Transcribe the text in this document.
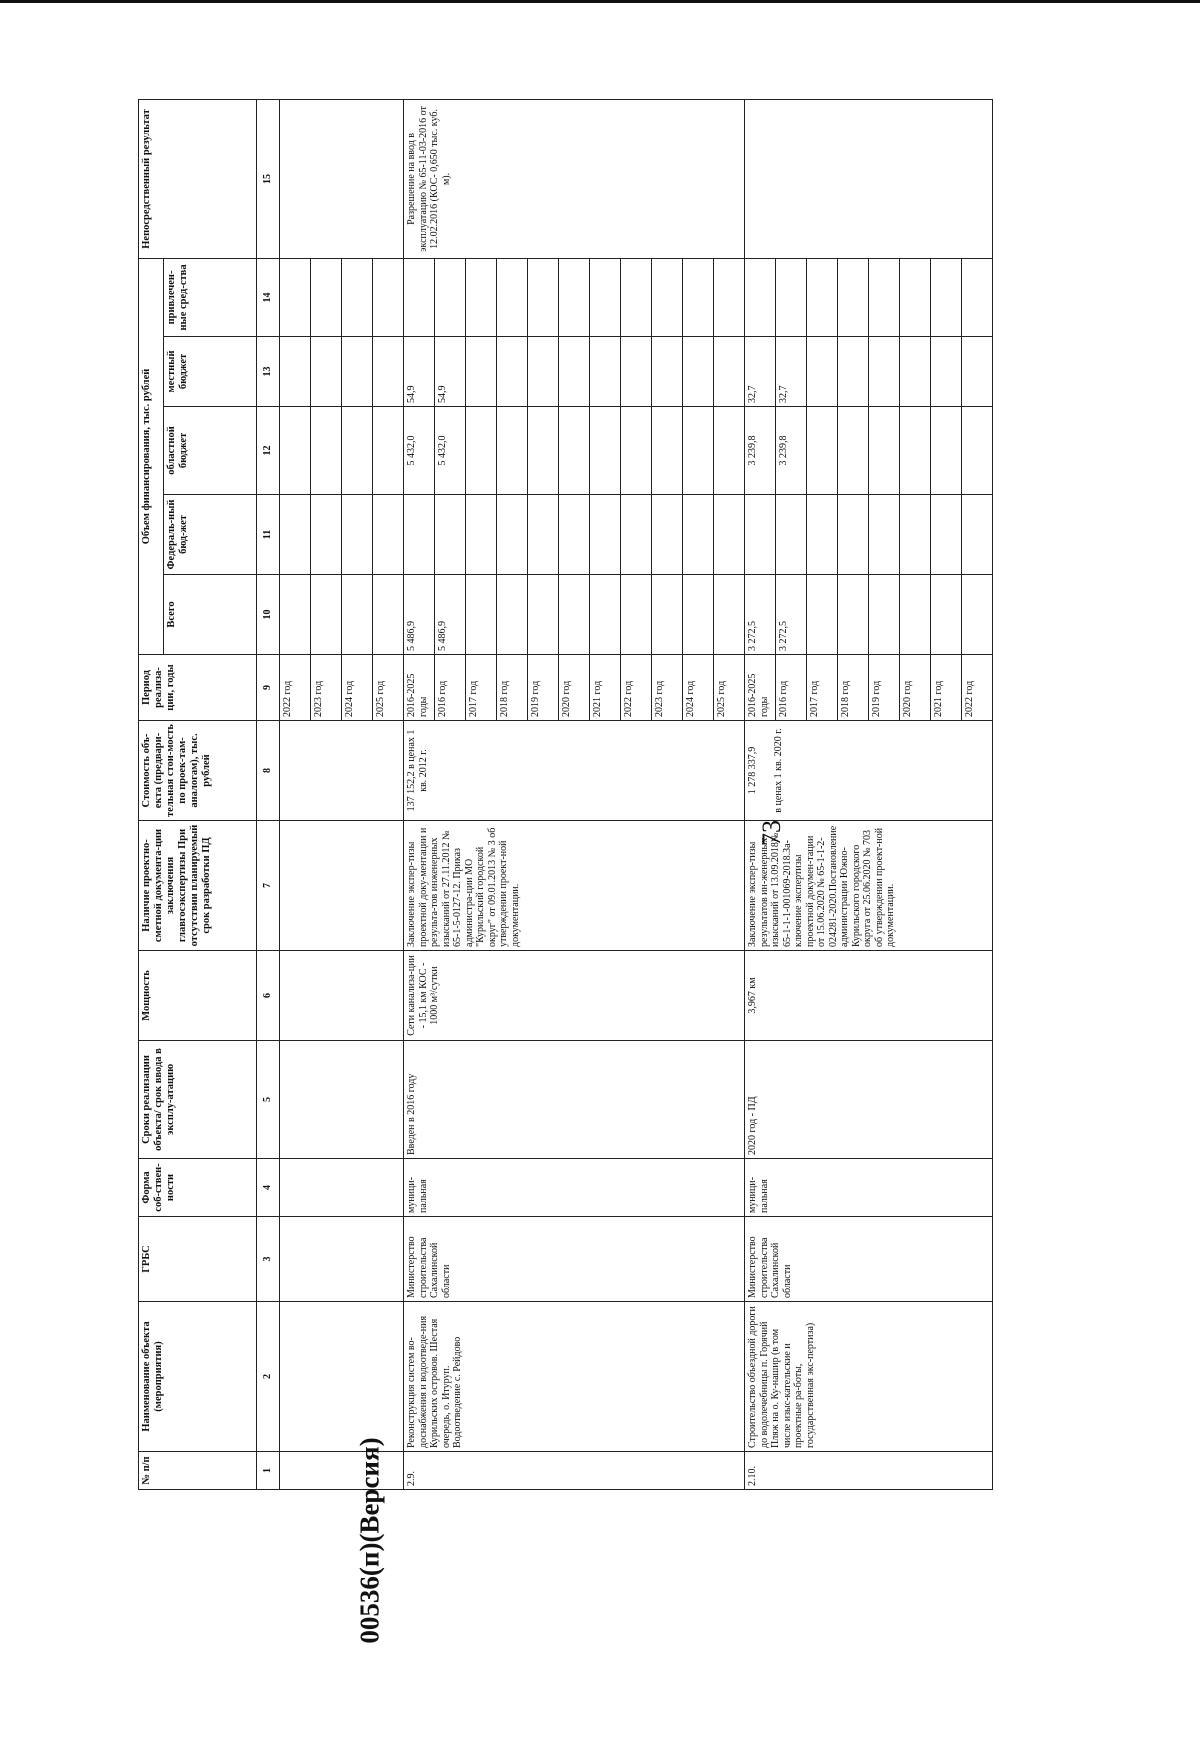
73
№ п/п	Наименование объекта (мероприятия)	ГРБС	Форма соб-ствен-ности	Сроки реализации объекта/ срок ввода в эксплу-атацию	Мощность	Наличие проектно-сметной документа-ции заключения главгосэкспертизы При отсутствии планируемый срок разработки ПД	Стоимость объ-екта (предвари-тельная стои-мость по проек-там-аналогам), тыс. рублей	Период реализа-ции, годы	Объем финансирования, тыс. рублей					Непосредственный результат
									Всего	Федераль-ный бюд-жет	областной бюджет	местный бюджет	привлечен-ные сред-ства	
1	2	3	4	5	6	7	8	9	10	11	12	13	14	15
								2022 год						
								2023 год						
								2024 год						
								2025 год						
2.9.	Реконструкция систем во-доснабжения и водоотведе-ния Курильских островов. Шестая очередь, о. Итуруп. Водоотведение с. Рейдово	Министерство строительства Сахалинской области	муници-пальная	Введен в 2016 году	Сети канализа-ции - 15,1 км КОС - 1000 м³/сутки	Заключение экспер-тизы проектной доку-ментации и результа-тов инженерных изысканий от 27.11.2012 № 65-1-5-0127-12. Приказ администра-ции МО "Курильский городской округ" от 09.01.2013 № 3 об утверждении проект-ной документации.	137 152,2 в ценах 1 кв. 2012 г.	2016-2025 годы	5 486,9		5 432,0	54,9		Разрешение на ввод в эксплуатацию № 65-11-03-2016 от 12.02.2016 (КОС- 0,650 тыс. куб. м).
								2016 год	5 486,9		5 432,0	54,9		
								2017 год						
								2018 год						
								2019 год						
								2020 год						
								2021 год						
								2022 год						
								2023 год						
								2024 год						
								2025 год						
2.10.	Строительство объездной дороги до водолечебницы п. Горячий Пляж на о. Ку-нашир (в том числе изыс-кательские и проектные ра-боты, государственная экс-пертиза)	Министерство строительства Сахалинской области	муници-пальная	2020 год - ПД	3,967 км	Заключение экспер-тизы результатов ин-женерных изысканий от 13.09.2018№ 65-1-1-1-001069-2018.За-ключение экспертизы проектной докумен-тации от 15.06.2020 № 65-1-1-2-024281-2020.Постановление администрации Южно-Курильского городского округа от 25.06.2020 № 703 об утверждении проект-ной документации.	1 278 337,9 в ценах 1 кв. 2020 г.	2016-2025 годы	3 272,5		3 239,8	32,7		
								2016 год	3 272,5		3 239,8	32,7		
								2017 год						
								2018 год						
								2019 год						
								2020 год						
								2021 год						
								2022 год						
00536(п)(Версия)
